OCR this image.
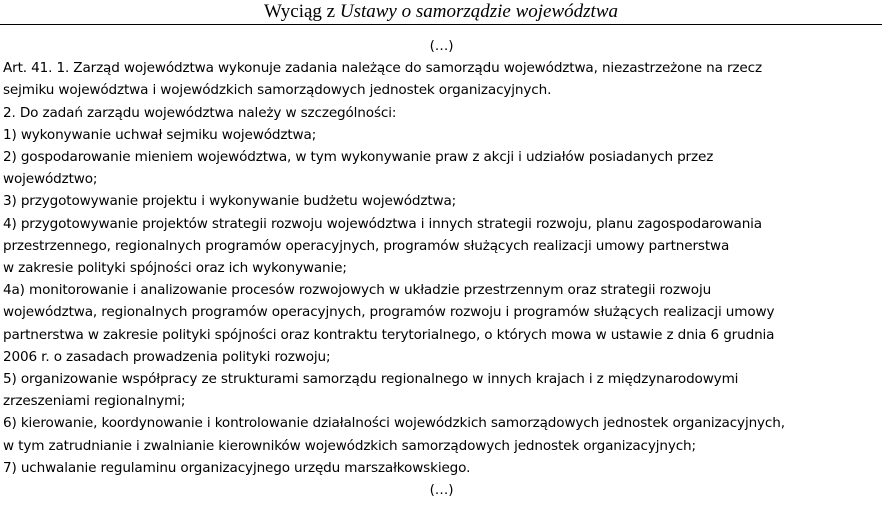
Wyciąg z Ustawy o samorządzie województwa

(…)

Art. 41. 1. Zarząd województwa wykonuje zadania należące do samorządu województwa, niezastrzeżone na rzecz

sejmiku województwa i wojewódzkich samorządowych jednostek organizacyjnych.

2. Do zadań zarządu województwa należy w szczególności:

1) wykonywanie uchwał sejmiku województwa;

2) gospodarowanie mieniem województwa, w tym wykonywanie praw z akcji i udziałów posiadanych przez

województwo;

3) przygotowywanie projektu i wykonywanie budżetu województwa;

4) przygotowywanie projektów strategii rozwoju województwa i innych strategii rozwoju, planu zagospodarowania

przestrzennego, regionalnych programów operacyjnych, programów służących realizacji umowy partnerstwa

w zakresie polityki spójności oraz ich wykonywanie;

4a) monitorowanie i analizowanie procesów rozwojowych w układzie przestrzennym oraz strategii rozwoju

województwa, regionalnych programów operacyjnych, programów rozwoju i programów służących realizacji umowy

partnerstwa w zakresie polityki spójności oraz kontraktu terytorialnego, o których mowa w ustawie z dnia 6 grudnia

2006 r. o zasadach prowadzenia polityki rozwoju;

5) organizowanie współpracy ze strukturami samorządu regionalnego w innych krajach i z międzynarodowymi

zrzeszeniami regionalnymi;

6) kierowanie, koordynowanie i kontrolowanie działalności wojewódzkich samorządowych jednostek organizacyjnych,

w tym zatrudnianie i zwalnianie kierowników wojewódzkich samorządowych jednostek organizacyjnych;

7) uchwalanie regulaminu organizacyjnego urzędu marszałkowskiego.

(…)
